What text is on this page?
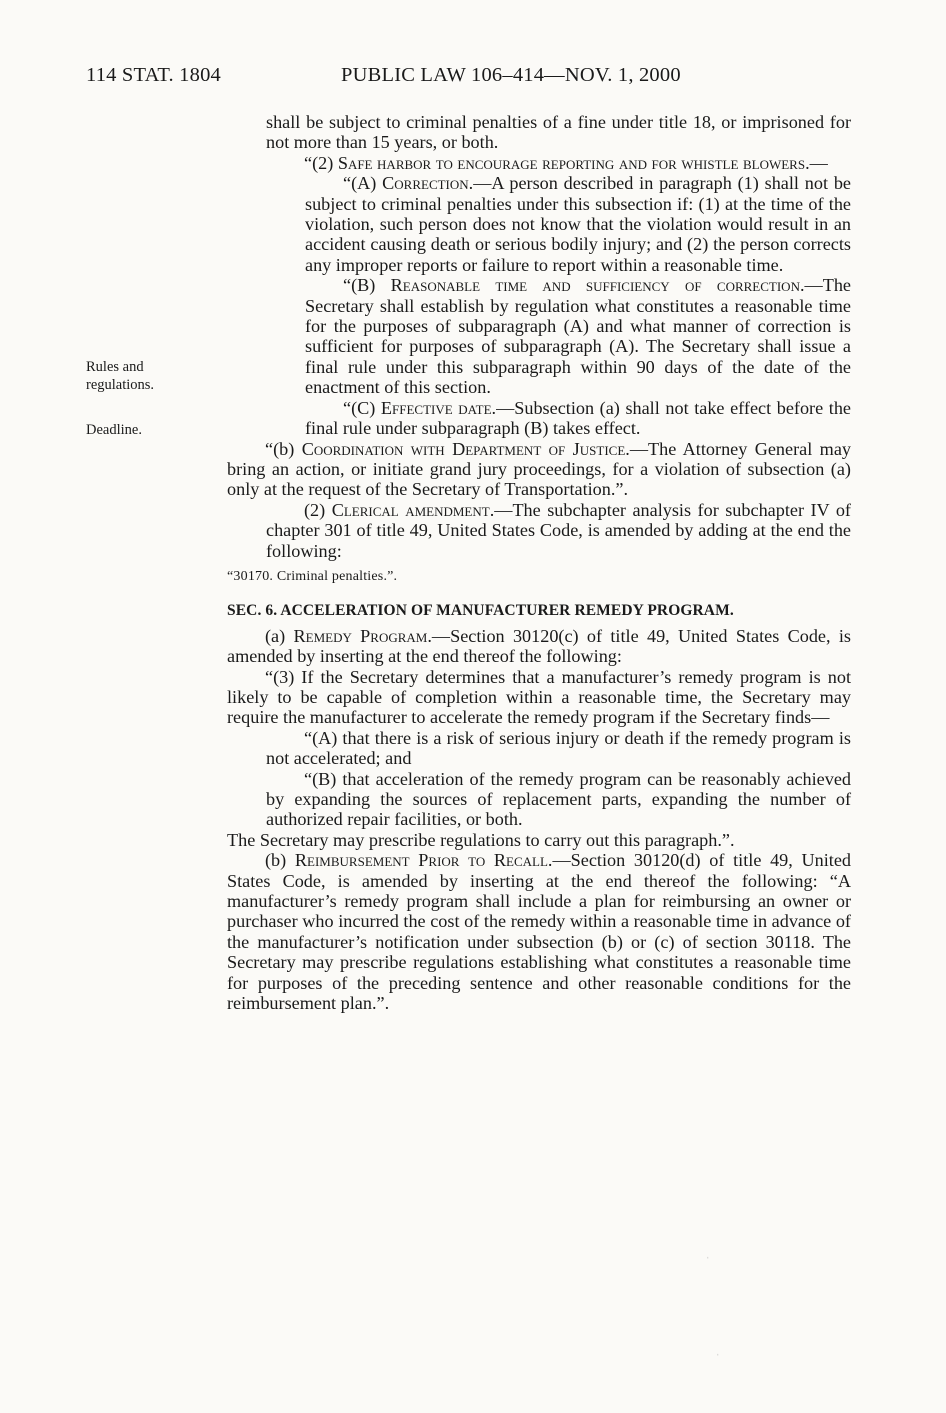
114 STAT. 1804	PUBLIC LAW 106–414—NOV. 1, 2000
Rules and regulations.
Deadline.

shall be subject to criminal penalties of a fine under title 18, or imprisoned for not more than 15 years, or both.

“(2) Safe harbor to encourage reporting and for whistle blowers.—

“(A) Correction.—A person described in paragraph (1) shall not be subject to criminal penalties under this subsection if: (1) at the time of the violation, such person does not know that the violation would result in an accident causing death or serious bodily injury; and (2) the person corrects any improper reports or failure to report within a reasonable time.

“(B) Reasonable time and sufficiency of correction.—The Secretary shall establish by regulation what constitutes a reasonable time for the purposes of subparagraph (A) and what manner of correction is sufficient for purposes of subparagraph (A). The Secretary shall issue a final rule under this subparagraph within 90 days of the date of the enactment of this section.

“(C) Effective date.—Subsection (a) shall not take effect before the final rule under subparagraph (B) takes effect.

“(b) Coordination with Department of Justice.—The Attorney General may bring an action, or initiate grand jury proceedings, for a violation of subsection (a) only at the request of the Secretary of Transportation.”.

(2) Clerical amendment.—The subchapter analysis for subchapter IV of chapter 301 of title 49, United States Code, is amended by adding at the end the following:

“30170. Criminal penalties.”.

SEC. 6. ACCELERATION OF MANUFACTURER REMEDY PROGRAM.

(a) Remedy Program.—Section 30120(c) of title 49, United States Code, is amended by inserting at the end thereof the following:

“(3) If the Secretary determines that a manufacturer’s remedy program is not likely to be capable of completion within a reasonable time, the Secretary may require the manufacturer to accelerate the remedy program if the Secretary finds—

“(A) that there is a risk of serious injury or death if the remedy program is not accelerated; and

“(B) that acceleration of the remedy program can be reasonably achieved by expanding the sources of replacement parts, expanding the number of authorized repair facilities, or both.

The Secretary may prescribe regulations to carry out this paragraph.”.

(b) Reimbursement Prior to Recall.—Section 30120(d) of title 49, United States Code, is amended by inserting at the end thereof the following: “A manufacturer’s remedy program shall include a plan for reimbursing an owner or purchaser who incurred the cost of the remedy within a reasonable time in advance of the manufacturer’s notification under subsection (b) or (c) of section 30118. The Secretary may prescribe regulations establishing what constitutes a reasonable time for purposes of the preceding sentence and other reasonable conditions for the reimbursement plan.”.

ˈ
ˈ
